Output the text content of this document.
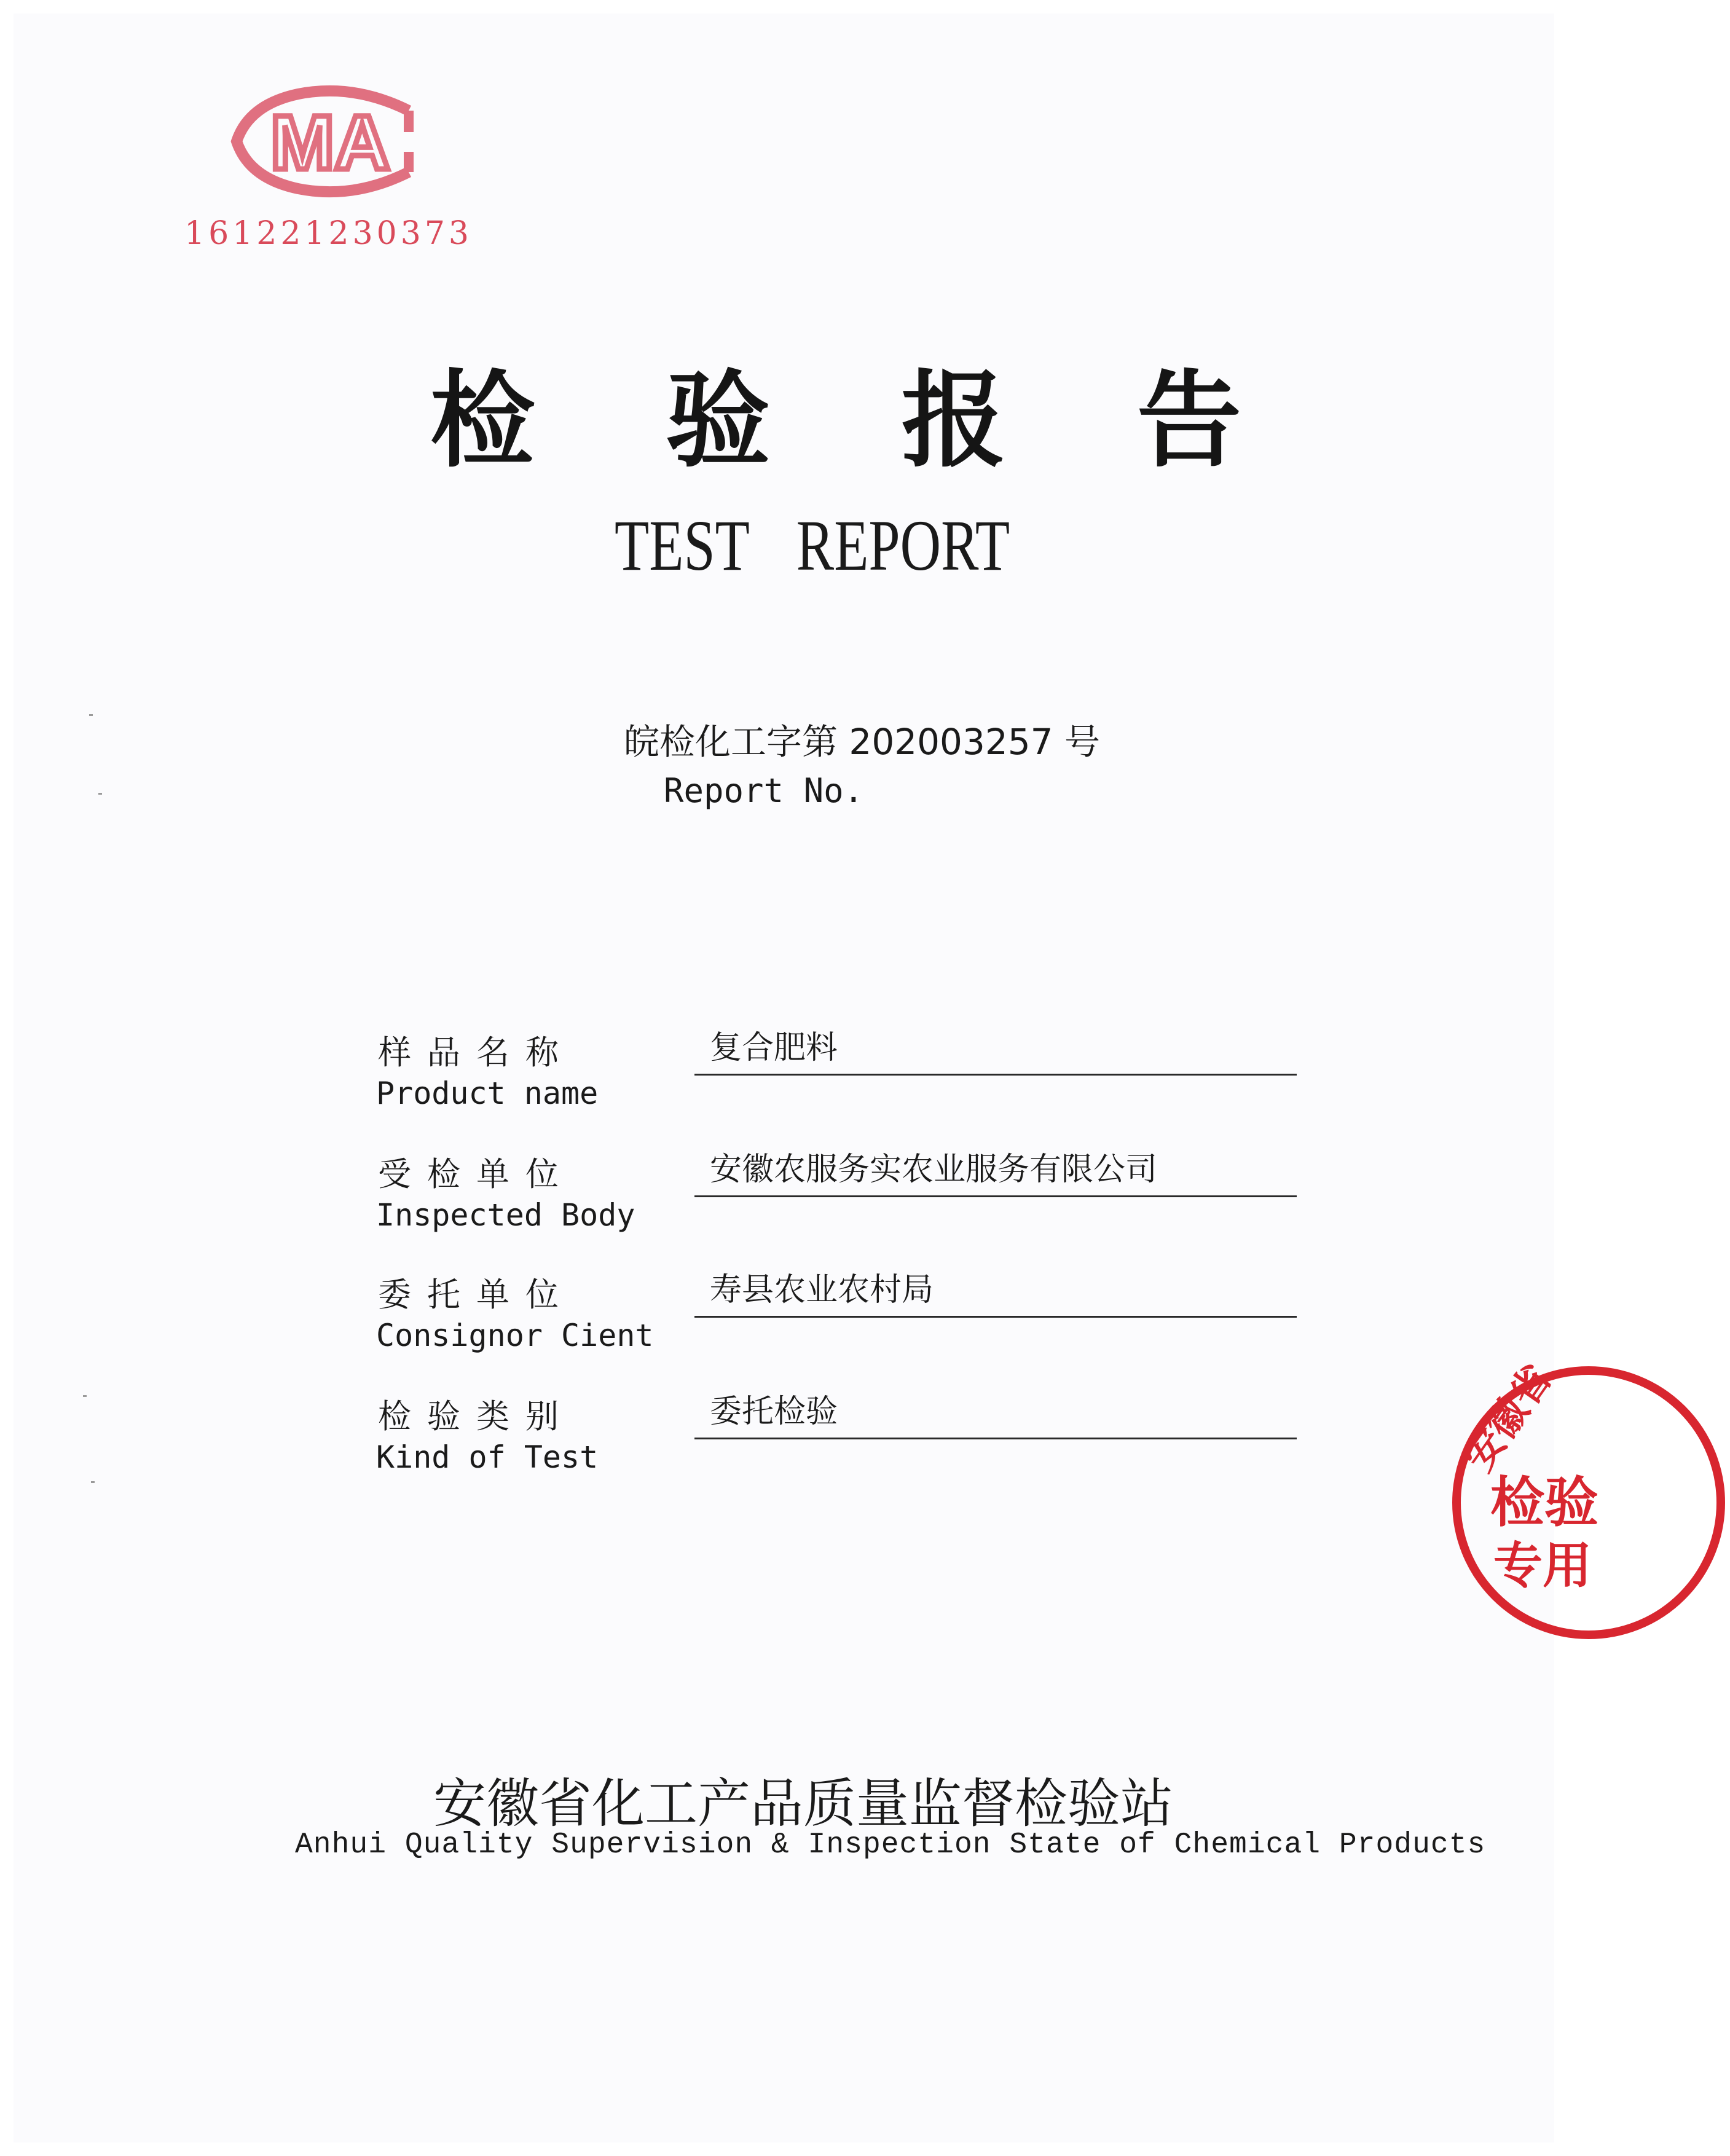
MA
161221230373
检 验 报 告
TEST REPORT
皖检化工字第 202003257 号
Report No.
样品名称
Product name
复合肥料
受检单位
Inspected Body
安徽农服务实农业服务有限公司
委托单位
Consignor Cient
寿县农业农村局
检验类别
Kind of Test
委托检验
安徽省化工产品质量监督检验站
Anhui Quality Supervision & Inspection State of Chemical Products
安徽省
检验
专用
